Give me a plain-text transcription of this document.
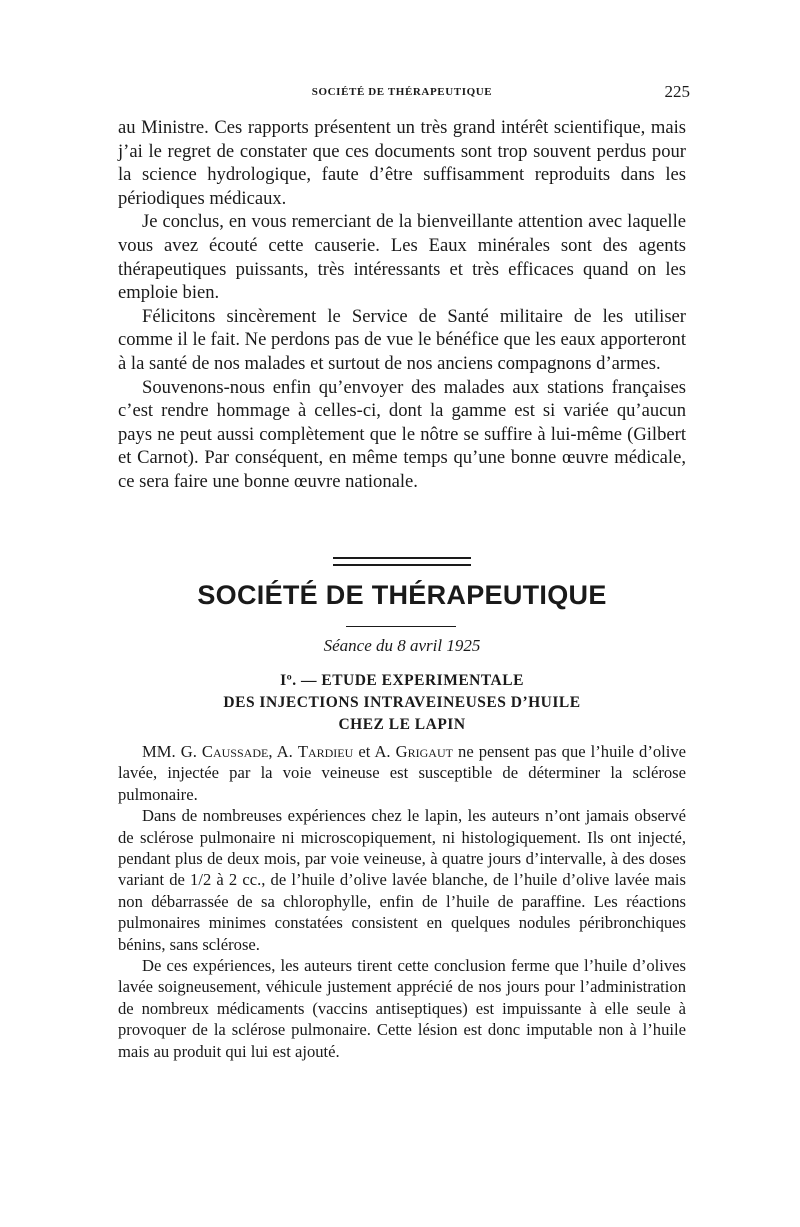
SOCIÉTÉ DE THÉRAPEUTIQUE	225

au Ministre. Ces rapports présentent un très grand intérêt scientifique, mais j’ai le regret de constater que ces documents sont trop souvent perdus pour la science hydrologique, faute d’être suffisamment reproduits dans les périodiques médicaux.

Je conclus, en vous remerciant de la bienveillante attention avec laquelle vous avez écouté cette causerie. Les Eaux minérales sont des agents thérapeutiques puissants, très intéressants et très efficaces quand on les emploie bien.

Félicitons sincèrement le Service de Santé militaire de les utiliser comme il le fait. Ne perdons pas de vue le bénéfice que les eaux apporteront à la santé de nos malades et surtout de nos anciens compagnons d’armes.

Souvenons-nous enfin qu’envoyer des malades aux stations françaises c’est rendre hommage à celles-ci, dont la gamme est si variée qu’aucun pays ne peut aussi complètement que le nôtre se suffire à lui-même (Gilbert et Carnot). Par conséquent, en même temps qu’une bonne œuvre médicale, ce sera faire une bonne œuvre nationale.

SOCIÉTÉ DE THÉRAPEUTIQUE
Séance du 8 avril 1925
Iº. — ETUDE EXPERIMENTALE
DES INJECTIONS INTRAVEINEUSES D’HUILE
CHEZ LE LAPIN

MM. G. Caussade, A. Tardieu et A. Grigaut ne pensent pas que l’huile d’olive lavée, injectée par la voie veineuse est susceptible de déterminer la sclérose pulmonaire.

Dans de nombreuses expériences chez le lapin, les auteurs n’ont jamais observé de sclérose pulmonaire ni microscopiquement, ni histologiquement. Ils ont injecté, pendant plus de deux mois, par voie veineuse, à quatre jours d’intervalle, à des doses variant de 1/2 à 2 cc., de l’huile d’olive lavée blanche, de l’huile d’olive lavée mais non débarrassée de sa chlorophylle, enfin de l’huile de paraffine. Les réactions pulmonaires minimes constatées consistent en quelques nodules péribronchiques bénins, sans sclérose.

De ces expériences, les auteurs tirent cette conclusion ferme que l’huile d’olives lavée soigneusement, véhicule justement apprécié de nos jours pour l’administration de nombreux médicaments (vaccins antiseptiques) est impuissante à elle seule à provoquer de la sclérose pulmonaire. Cette lésion est donc imputable non à l’huile mais au produit qui lui est ajouté.
